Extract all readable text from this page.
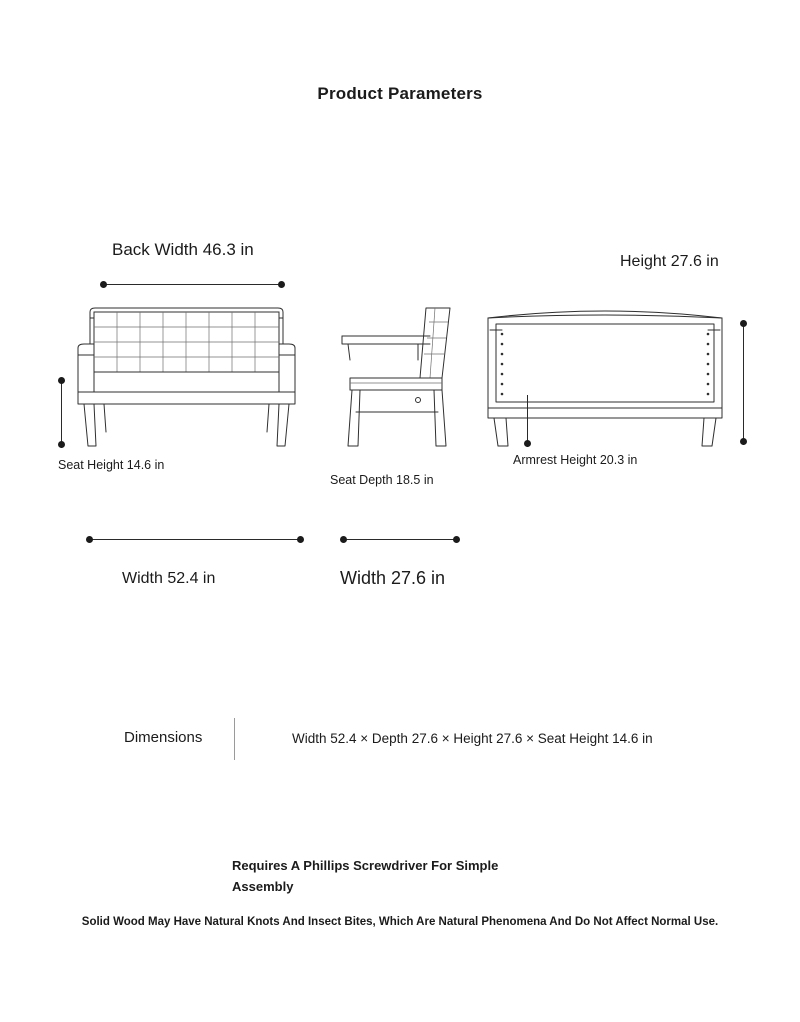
Product Parameters
Back Width 46.3 in
Height 27.6 in
Seat Height 14.6 in
Seat Depth 18.5 in
Armrest Height 20.3 in
Width 52.4 in	Width 27.6 in
Dimensions	Width 52.4 × Depth 27.6 × Height 27.6 × Seat Height 14.6 in
Requires A Phillips Screwdriver For Simple Assembly
Solid Wood May Have Natural Knots And Insect Bites, Which Are Natural Phenomena And Do Not Affect Normal Use.
